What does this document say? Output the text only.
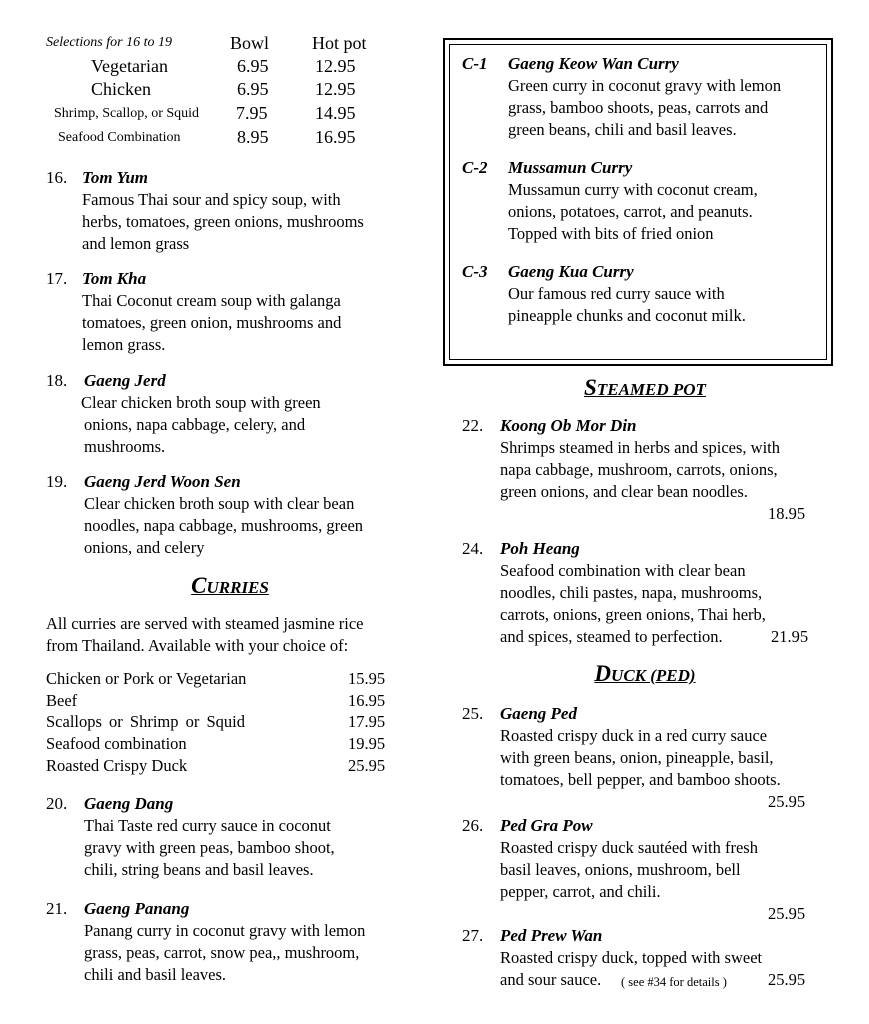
Selections for 16 to 19	Bowl Hot pot
Vegetarian	6.95	12.95
Chicken	6.95	12.95
Shrimp, Scallop, or Squid 7.95	14.95
Seafood Combination	8.95	16.95
16. Tom Yum
Famous Thai sour and spicy soup, with
herbs, tomatoes, green onions, mushrooms
and lemon grass
17. Tom Kha
Thai Coconut cream soup with galanga
tomatoes, green onion, mushrooms and
lemon grass.
18. Gaeng Jerd
Clear chicken broth soup with green
onions, napa cabbage, celery, and
mushrooms.
19. Gaeng Jerd Woon Sen
Clear chicken broth soup with clear bean
noodles, napa cabbage, mushrooms, green
onions, and celery
CURRIES
All curries are served with steamed jasmine rice
from Thailand. Available with your choice of:
Chicken or Pork or Vegetarian	15.95
Beef	16.95
Scallops or Shrimp or Squid	17.95
Seafood combination	19.95
Roasted Crispy Duck	25.95
20. Gaeng Dang
Thai Taste red curry sauce in coconut
gravy with green peas, bamboo shoot,
chili, string beans and basil leaves.
21. Gaeng Panang
Panang curry in coconut gravy with lemon
grass, peas, carrot, snow pea,, mushroom,
chili and basil leaves.
C-1 Gaeng Keow Wan Curry
Green curry in coconut gravy with lemon
grass, bamboo shoots, peas, carrots and
green beans, chili and basil leaves.
C-2 Mussamun Curry
Mussamun curry with coconut cream,
onions, potatoes, carrot, and peanuts.
Topped with bits of fried onion
C-3 Gaeng Kua Curry
Our famous red curry sauce with
pineapple chunks and coconut milk.
STEAMED POT
22. Koong Ob Mor Din
Shrimps steamed in herbs and spices, with
napa cabbage, mushroom, carrots, onions,
green onions, and clear bean noodles.
18.95
24. Poh Heang
Seafood combination with clear bean
noodles, chili pastes, napa, mushrooms,
carrots, onions, green onions, Thai herb,
and spices, steamed to perfection.	21.95
DUCK (PED)
25. Gaeng Ped
Roasted crispy duck in a red curry sauce
with green beans, onion, pineapple, basil,
tomatoes, bell pepper, and bamboo shoots.
25.95
26. Ped Gra Pow
Roasted crispy duck sautéed with fresh
basil leaves, onions, mushroom, bell
pepper, carrot, and chili.
25.95
27. Ped Prew Wan
Roasted crispy duck, topped with sweet
and sour sauce. ( see #34 for details ) 25.95
